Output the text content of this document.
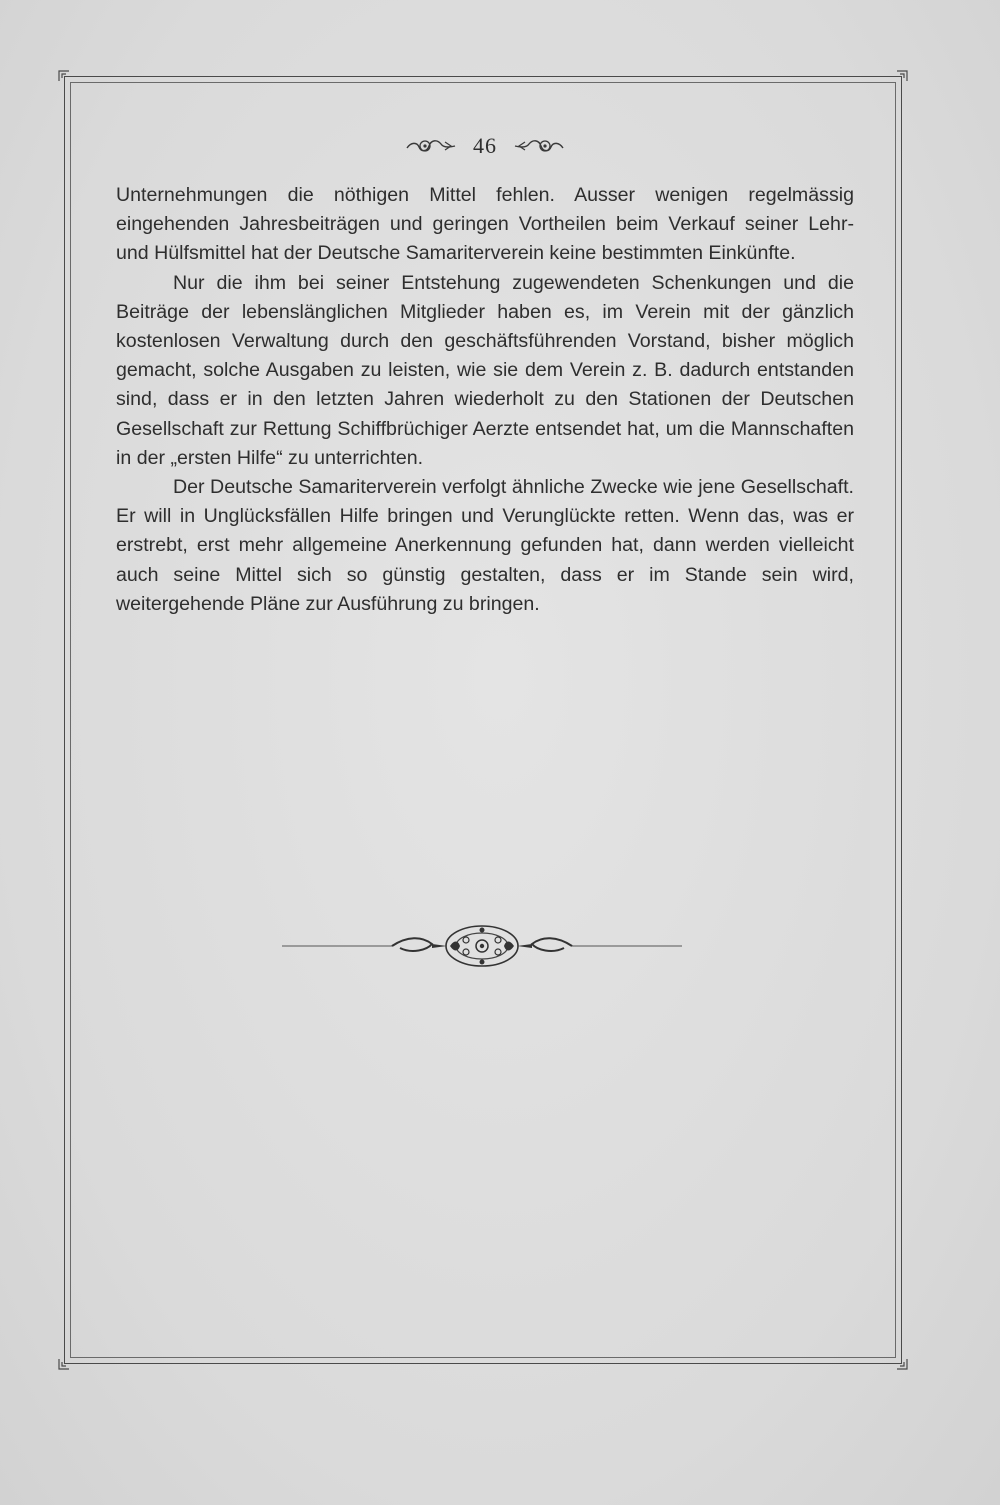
46

Unternehmungen die nöthigen Mittel fehlen. Ausser wenigen regelmässig eingehenden Jahresbeiträgen und geringen Vortheilen beim Verkauf seiner Lehr- und Hülfsmittel hat der Deutsche Samariterverein keine bestimmten Einkünfte.

Nur die ihm bei seiner Entstehung zugewendeten Schenkungen und die Beiträge der lebenslänglichen Mitglieder haben es, im Verein mit der gänzlich kostenlosen Verwaltung durch den geschäftsführenden Vorstand, bisher möglich gemacht, solche Ausgaben zu leisten, wie sie dem Verein z. B. dadurch entstanden sind, dass er in den letzten Jahren wiederholt zu den Stationen der Deutschen Gesellschaft zur Rettung Schiffbrüchiger Aerzte entsendet hat, um die Mannschaften in der „ersten Hilfe“ zu unterrichten.

Der Deutsche Samariterverein verfolgt ähnliche Zwecke wie jene Gesellschaft. Er will in Unglücksfällen Hilfe bringen und Verunglückte retten. Wenn das, was er erstrebt, erst mehr allgemeine Anerkennung gefunden hat, dann werden vielleicht auch seine Mittel sich so günstig gestalten, dass er im Stande sein wird, weitergehende Pläne zur Ausführung zu bringen.
